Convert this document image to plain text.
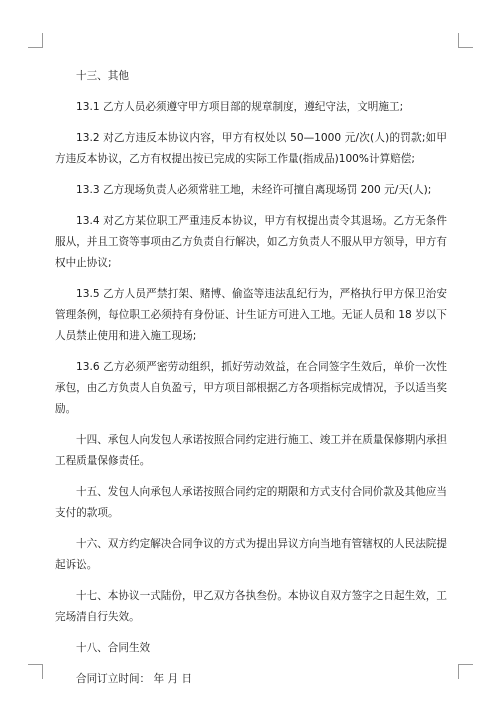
十三、其他

13.1 乙方人员必须遵守甲方项目部的规章制度，遵纪守法，文明施工;

13.2 对乙方违反本协议内容，甲方有权处以 50—1000 元/次(人)的罚款;如甲方违反本协议，乙方有权提出按已完成的实际工作量(指成品)100%计算赔偿;

13.3 乙方现场负责人必须常驻工地，未经许可擅自离现场罚 200 元/天(人);

13.4 对乙方某位职工严重违反本协议，甲方有权提出责令其退场。乙方无条件服从，并且工资等事项由乙方负责自行解决，如乙方负责人不服从甲方领导，甲方有权中止协议;

13.5 乙方人员严禁打架、赌博、偷盗等违法乱纪行为，严格执行甲方保卫治安管理条例，每位职工必须持有身份证、计生证方可进入工地。无证人员和 18 岁以下人员禁止使用和进入施工现场;

13.6 乙方必须严密劳动组织，抓好劳动效益，在合同签字生效后，单价一次性承包，由乙方负责人自负盈亏，甲方项目部根据乙方各项指标完成情况，予以适当奖励。

十四、承包人向发包人承诺按照合同约定进行施工、竣工并在质量保修期内承担工程质量保修责任。

十五、发包人向承包人承诺按照合同约定的期限和方式支付合同价款及其他应当支付的款项。

十六、双方约定解决合同争议的方式为提出异议方向当地有管辖权的人民法院提起诉讼。

十七、本协议一式陆份，甲乙双方各执叁份。本协议自双方签字之日起生效，工完场清自行失效。

十八、合同生效

合同订立时间： 年 月 日
